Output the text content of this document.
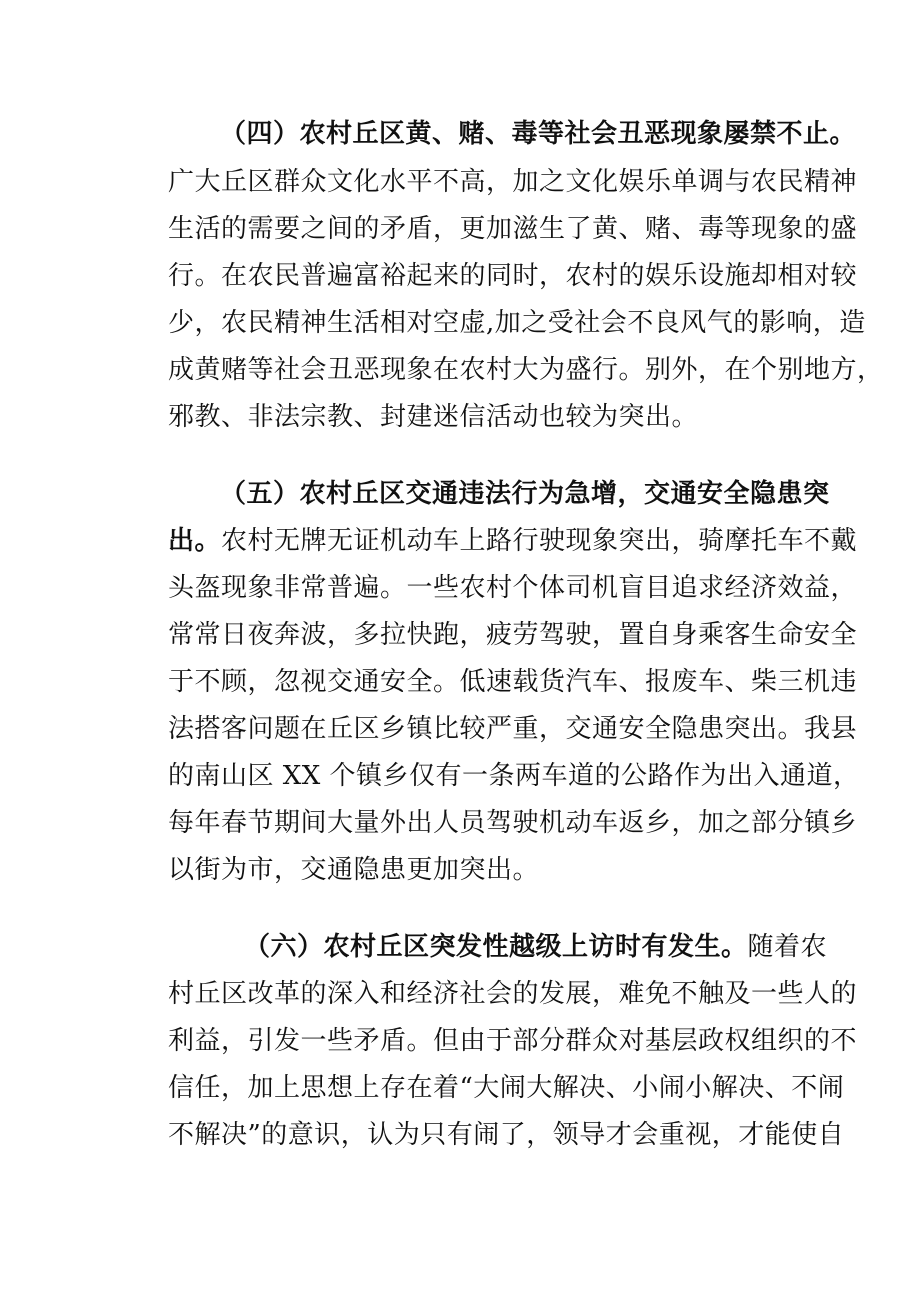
（四）农村丘区黄、赌、毒等社会丑恶现象屡禁不止。
广大丘区群众文化水平不高，加之文化娱乐单调与农民精神
生活的需要之间的矛盾，更加滋生了黄、赌、毒等现象的盛
行。在农民普遍富裕起来的同时，农村的娱乐设施却相对较
少，农民精神生活相对空虚,加之受社会不良风气的影响，造
成黄赌等社会丑恶现象在农村大为盛行。别外，在个别地方，
邪教、非法宗教、封建迷信活动也较为突出。
（五）农村丘区交通违法行为急增，交通安全隐患突
出。农村无牌无证机动车上路行驶现象突出，骑摩托车不戴
头盔现象非常普遍。一些农村个体司机盲目追求经济效益，
常常日夜奔波，多拉快跑，疲劳驾驶，置自身乘客生命安全
于不顾，忽视交通安全。低速载货汽车、报废车、柴三机违
法搭客问题在丘区乡镇比较严重，交通安全隐患突出。我县
的南山区 XX 个镇乡仅有一条两车道的公路作为出入通道，
每年春节期间大量外出人员驾驶机动车返乡，加之部分镇乡
以街为市，交通隐患更加突出。
（六）农村丘区突发性越级上访时有发生。随着农
村丘区改革的深入和经济社会的发展，难免不触及一些人的
利益，引发一些矛盾。但由于部分群众对基层政权组织的不
信任，加上思想上存在着“大闹大解决、小闹小解决、不闹
不解决”的意识，认为只有闹了，领导才会重视，才能使自
